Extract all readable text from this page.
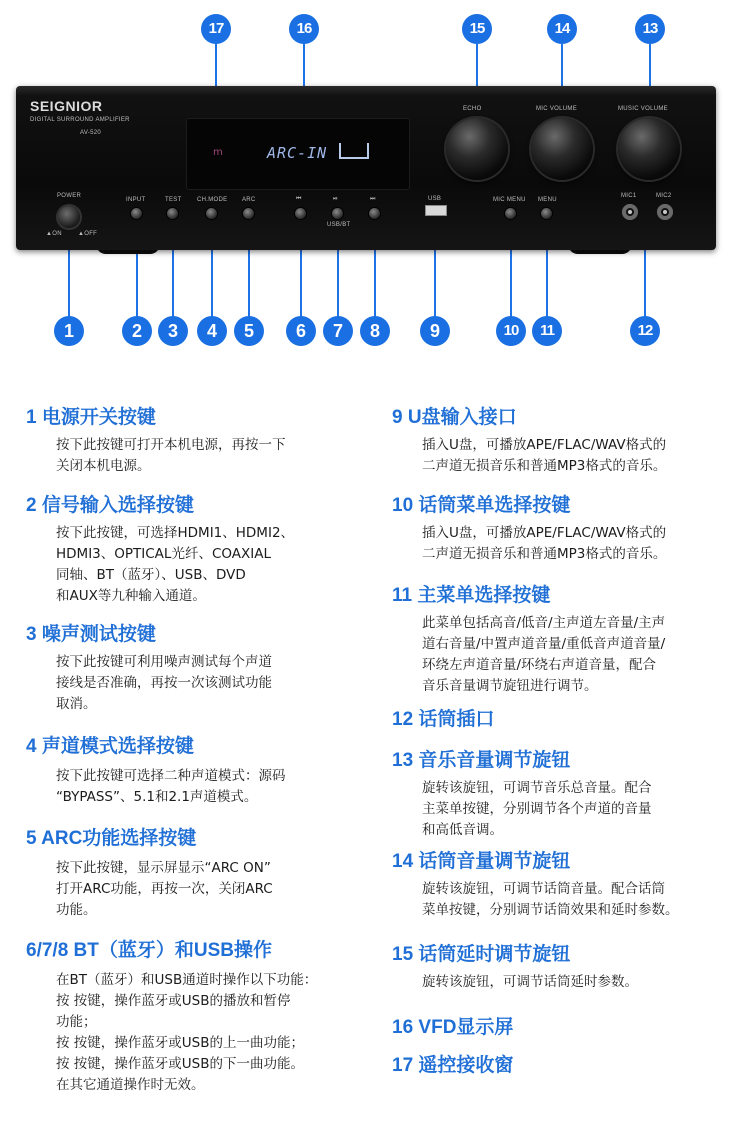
SEIGNIOR
DIGITAL SURROUND AMPLIFIER
AV-520
m	ARC-IN
ECHO	MIC VOLUME	MUSIC VOLUME
POWER
▲ON	▲OFF
INPUT	TEST	CH.MODE ARC	⏮	⏯	⏭
USB/BT
USB	MIC MENU MENU
MIC1	MIC2
17	16	15	14	13
1	2	3	4	5	6	7	8	9	10	11	12
1 电源开关按键
按下此按键可打开本机电源，再按一下
关闭本机电源。
2 信号输入选择按键
按下此按键，可选择HDMI1、HDMI2、
HDMI3、OPTICAL光纤、COAXIAL
同轴、BT（蓝牙）、USB、DVD
和AUX等九种输入通道。
3 噪声测试按键
按下此按键可利用噪声测试每个声道
接线是否准确，再按一次该测试功能
取消。
4 声道模式选择按键
按下此按键可选择二种声道模式：源码
“BYPASS”、5.1和2.1声道模式。
5 ARC功能选择按键
按下此按键，显示屏显示“ARC ON”
打开ARC功能，再按一次，关闭ARC
功能。
6/7/8 BT（蓝牙）和USB操作
在BT（蓝牙）和USB通道时操作以下功能：
按 按键，操作蓝牙或USB的播放和暂停
功能；
按 按键，操作蓝牙或USB的上一曲功能；
按 按键，操作蓝牙或USB的下一曲功能。
在其它通道操作时无效。
9 U盘输入接口
插入U盘，可播放APE/FLAC/WAV格式的
二声道无损音乐和普通MP3格式的音乐。
10 话筒菜单选择按键
插入U盘，可播放APE/FLAC/WAV格式的
二声道无损音乐和普通MP3格式的音乐。
11 主菜单选择按键
此菜单包括高音/低音/主声道左音量/主声
道右音量/中置声道音量/重低音声道音量/
环绕左声道音量/环绕右声道音量，配合
音乐音量调节旋钮进行调节。
12 话筒插口
13 音乐音量调节旋钮
旋转该旋钮，可调节音乐总音量。配合
主菜单按键，分别调节各个声道的音量
和高低音调。
14 话筒音量调节旋钮
旋转该旋钮，可调节话筒音量。配合话筒
菜单按键，分别调节话筒效果和延时参数。
15 话筒延时调节旋钮
旋转该旋钮，可调节话筒延时参数。
16 VFD显示屏
17 遥控接收窗
